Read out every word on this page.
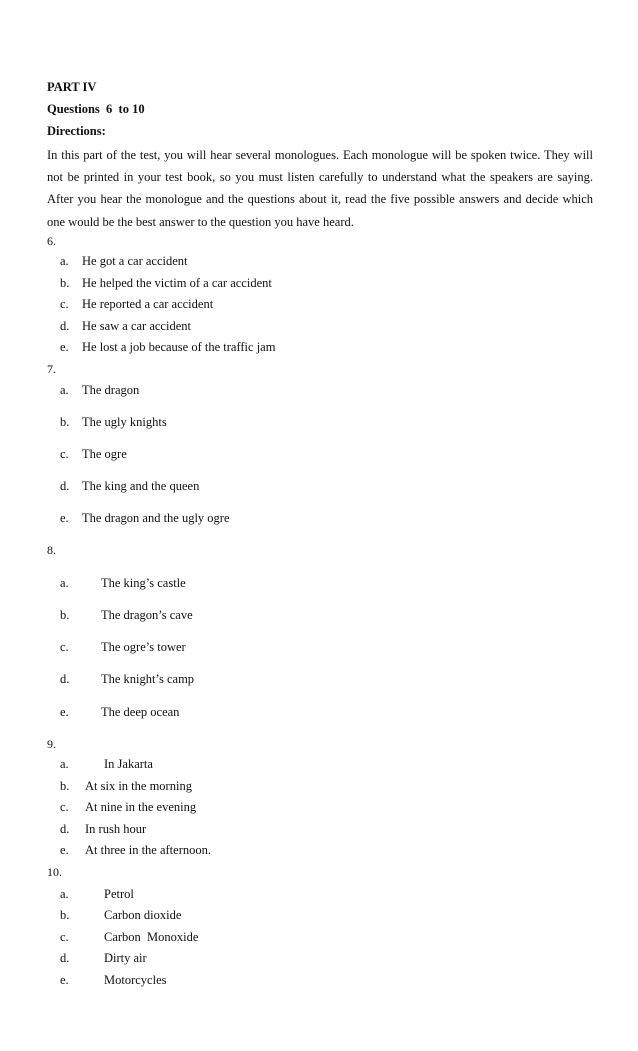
PART IV
Questions  6  to 10
Directions:
In this part of the test, you will hear several monologues. Each monologue will be spoken twice. They will not be printed in your test book, so you must listen carefully to understand what the speakers are saying. After you hear the monologue and the questions about it, read the five possible answers and decide which one would be the best answer to the question you have heard.
6.
a.	He got a car accident
b.	He helped the victim of a car accident
c.	He reported a car accident
d.	He saw a car accident
e.	He lost a job because of the traffic jam
7.
a.	The dragon
b.	The ugly knights
c.	The ogre
d.	The king and the queen
e.	The dragon and the ugly ogre
8.
a.	The king’s castle
b.	The dragon’s cave
c.	The ogre’s tower
d.	The knight’s camp
e.	The deep ocean
9.
a.	In Jakarta
b.	At six in the morning
c.	At nine in the evening
d.	In rush hour
e.	At three in the afternoon.
10.
a.	Petrol
b.	Carbon dioxide
c.	Carbon  Monoxide
d.	Dirty air
e.	Motorcycles
